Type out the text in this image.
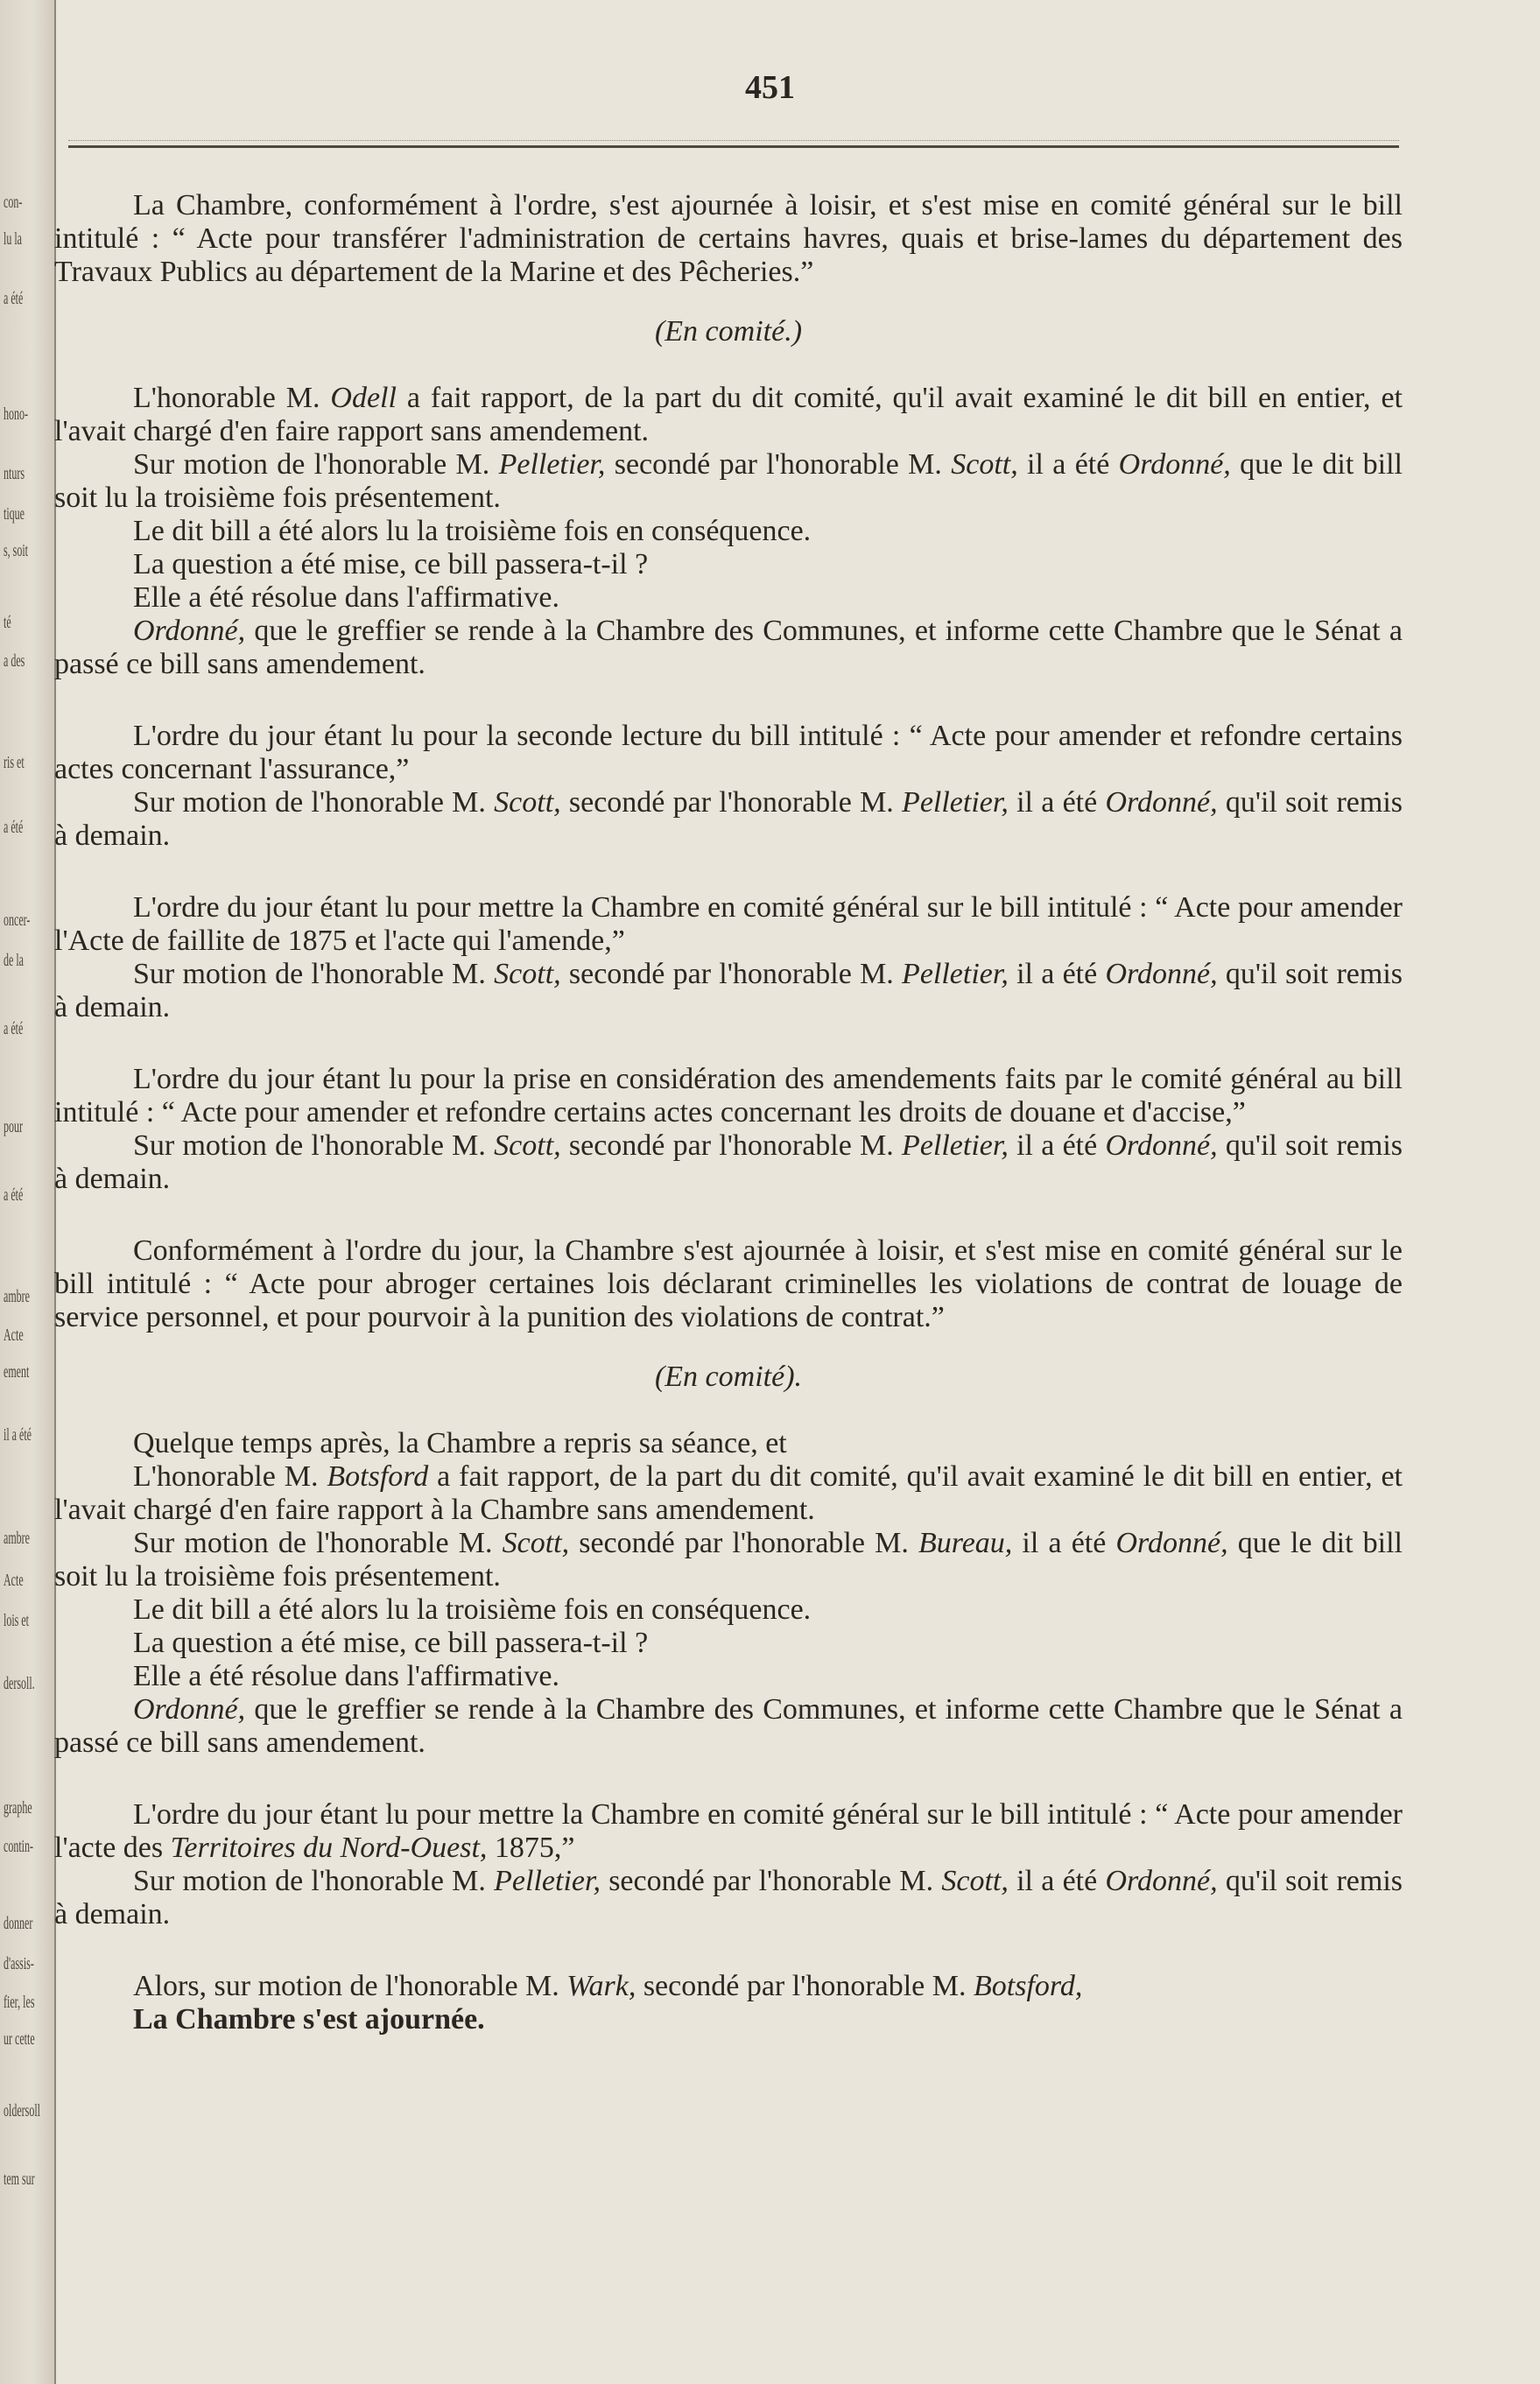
con-
lu la
a été
hono-
nturs
tique
s, soit
té
a des
ris et
a été
oncer-
de la
a été
pour
a été
ambre
Acte
ement
il a été
ambre
Acte
lois et
dersoll.
graphe
contin-
donner
d'assis-
fier, les
ur cette
oldersoll
tem sur
451

La Chambre, conformément à l'ordre, s'est ajournée à loisir, et s'est mise en comité général sur le bill intitulé : “ Acte pour transférer l'administration de certains havres, quais et brise-lames du département des Travaux Publics au département de la Marine et des Pêcheries.”

(En comité.)

L'honorable M. Odell a fait rapport, de la part du dit comité, qu'il avait examiné le dit bill en entier, et l'avait chargé d'en faire rapport sans amendement.

Sur motion de l'honorable M. Pelletier, secondé par l'honorable M. Scott, il a été Ordonné, que le dit bill soit lu la troisième fois présentement.

Le dit bill a été alors lu la troisième fois en conséquence.

La question a été mise, ce bill passera-t-il ?

Elle a été résolue dans l'affirmative.

Ordonné, que le greffier se rende à la Chambre des Communes, et informe cette Chambre que le Sénat a passé ce bill sans amendement.

L'ordre du jour étant lu pour la seconde lecture du bill intitulé : “ Acte pour amender et refondre certains actes concernant l'assurance,”

Sur motion de l'honorable M. Scott, secondé par l'honorable M. Pelletier, il a été Ordonné, qu'il soit remis à demain.

L'ordre du jour étant lu pour mettre la Chambre en comité général sur le bill intitulé : “ Acte pour amender l'Acte de faillite de 1875 et l'acte qui l'amende,”

Sur motion de l'honorable M. Scott, secondé par l'honorable M. Pelletier, il a été Ordonné, qu'il soit remis à demain.

L'ordre du jour étant lu pour la prise en considération des amendements faits par le comité général au bill intitulé : “ Acte pour amender et refondre certains actes concernant les droits de douane et d'accise,”

Sur motion de l'honorable M. Scott, secondé par l'honorable M. Pelletier, il a été Ordonné, qu'il soit remis à demain.

Conformément à l'ordre du jour, la Chambre s'est ajournée à loisir, et s'est mise en comité général sur le bill intitulé : “ Acte pour abroger certaines lois déclarant criminelles les violations de contrat de louage de service personnel, et pour pourvoir à la punition des violations de contrat.”

(En comité).

Quelque temps après, la Chambre a repris sa séance, et

L'honorable M. Botsford a fait rapport, de la part du dit comité, qu'il avait examiné le dit bill en entier, et l'avait chargé d'en faire rapport à la Chambre sans amendement.

Sur motion de l'honorable M. Scott, secondé par l'honorable M. Bureau, il a été Ordonné, que le dit bill soit lu la troisième fois présentement.

Le dit bill a été alors lu la troisième fois en conséquence.

La question a été mise, ce bill passera-t-il ?

Elle a été résolue dans l'affirmative.

Ordonné, que le greffier se rende à la Chambre des Communes, et informe cette Chambre que le Sénat a passé ce bill sans amendement.

L'ordre du jour étant lu pour mettre la Chambre en comité général sur le bill intitulé : “ Acte pour amender l'acte des Territoires du Nord-Ouest, 1875,”

Sur motion de l'honorable M. Pelletier, secondé par l'honorable M. Scott, il a été Ordonné, qu'il soit remis à demain.

Alors, sur motion de l'honorable M. Wark, secondé par l'honorable M. Botsford,

La Chambre s'est ajournée.
